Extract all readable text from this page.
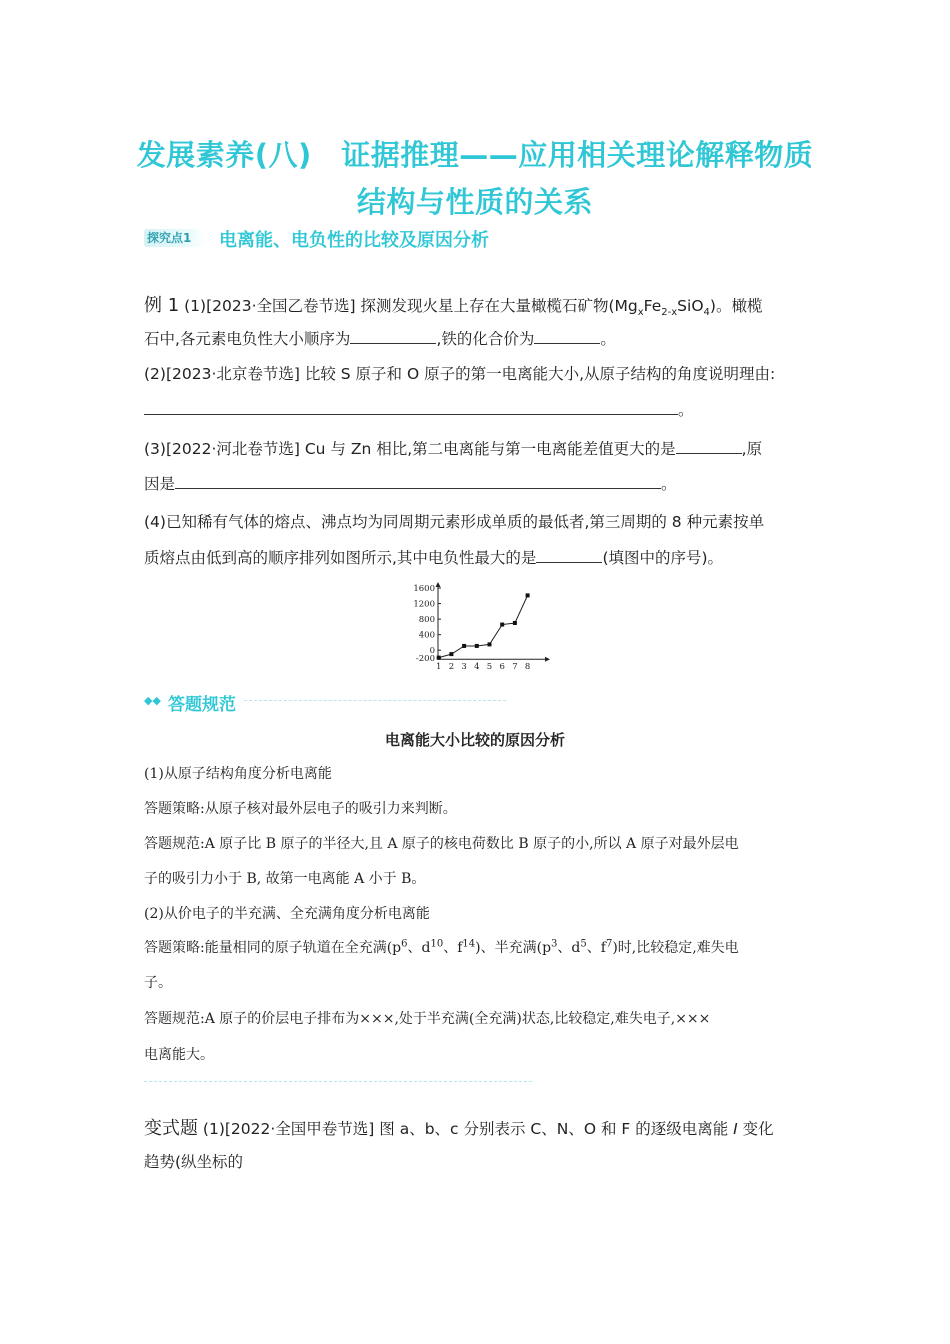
发展素养(八)　证据推理——应用相关理论解释物质
结构与性质的关系
探究点1	电离能、电负性的比较及原因分析
例 1 (1)[2023·全国乙卷节选] 探测发现火星上存在大量橄榄石矿物$(Mg_xFe_{2-x}SiO_4)$。橄榄
石中,各元素电负性大小顺序为	,铁的化合价为	。
(2)[2023·北京卷节选] 比较 S 原子和 O 原子的第一电离能大小,从原子结构的角度说明理由:
。
(3)[2022·河北卷节选] Cu 与 Zn 相比,第二电离能与第一电离能差值更大的是	,原
因是	。
(4)已知稀有气体的熔点、沸点均为同周期元素形成单质的最低者,第三周期的 8 种元素按单
质熔点由低到高的顺序排列如图所示,其中电负性最大的是	(填图中的序号)。
1600
1200
800
400
0
-200
1 2 3 4 5 6 7 8
◆◆ 答题规范
电离能大小比较的原因分析
(1)从原子结构角度分析电离能
答题策略:从原子核对最外层电子的吸引力来判断。
答题规范:A 原子比 B 原子的半径大,且 A 原子的核电荷数比 B 原子的小,所以 A 原子对最外层电
子的吸引力小于 B, 故第一电离能 A 小于 B。
(2)从价电子的半充满、全充满角度分析电离能
答题策略:能量相同的原子轨道在全充满($p^6$、$d^{10}$、$f^{14}$)、半充满($p^3$、$d^5$、$f^7$)时,比较稳定,难失电
子。
答题规范:A 原子的价层电子排布为×××,处于半充满(全充满)状态,比较稳定,难失电子,×××
电离能大。
变式题 (1)[2022·全国甲卷节选] 图 a、b、c 分别表示 C、N、O 和 F 的逐级电离能 I 变化
趋势(纵坐标的
